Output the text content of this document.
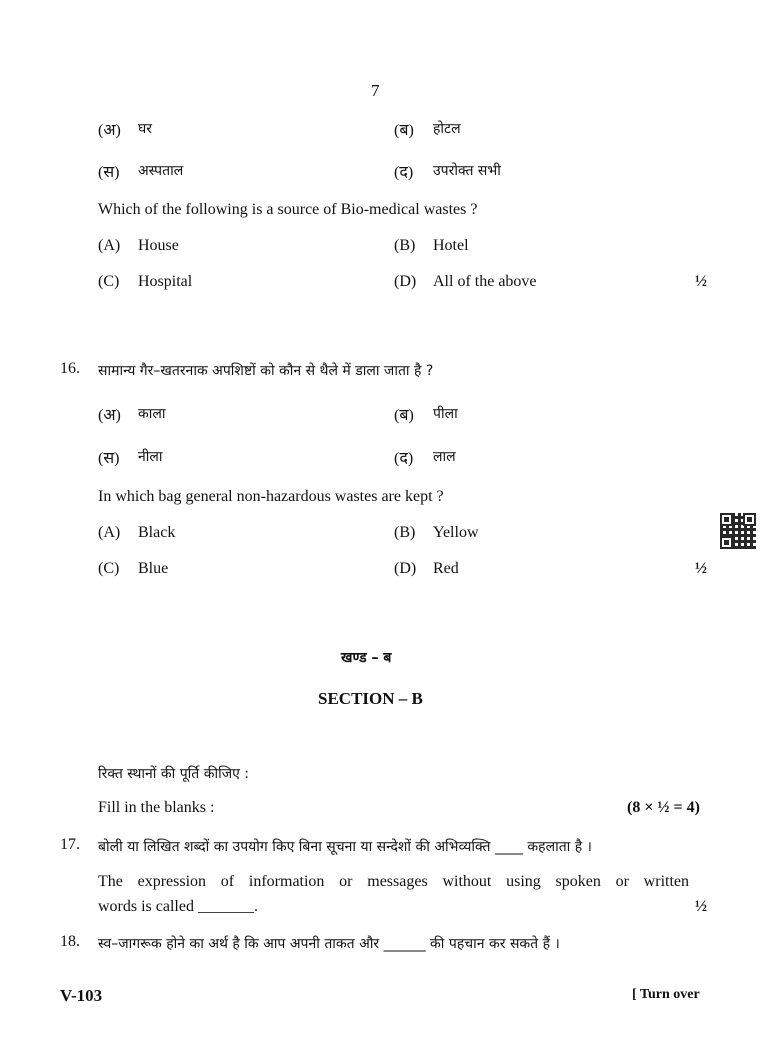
7
(अ) घर	(ब) होटल
(स) अस्पताल	(द) उपरोक्त सभी
Which of the following is a source of Bio-medical wastes ?
(A) House	(B) Hotel
(C) Hospital	(D) All of the above	½
16. सामान्य गैर–खतरनाक अपशिष्टों को कौन से थैले में डाला जाता है ?
(अ) काला	(ब) पीला
(स) नीला	(द) लाल
In which bag general non-hazardous wastes are kept ?
(A) Black	(B) Yellow
(C) Blue	(D) Red	½
खण्ड – ब
SECTION – B
रिक्त स्थानों की पूर्ति कीजिए :
Fill in the blanks :	(8 × ½ = 4)
17. बोली या लिखित शब्दों का उपयोग किए बिना सूचना या सन्देशों की अभिव्यक्ति ____ कहलाता है ।
The expression of information or messages without using spoken or written
words is called _______.	½
18. स्व–जागरूक होने का अर्थ है कि आप अपनी ताकत और ______ की पहचान कर सकते हैं ।
V-103	[ Turn over
